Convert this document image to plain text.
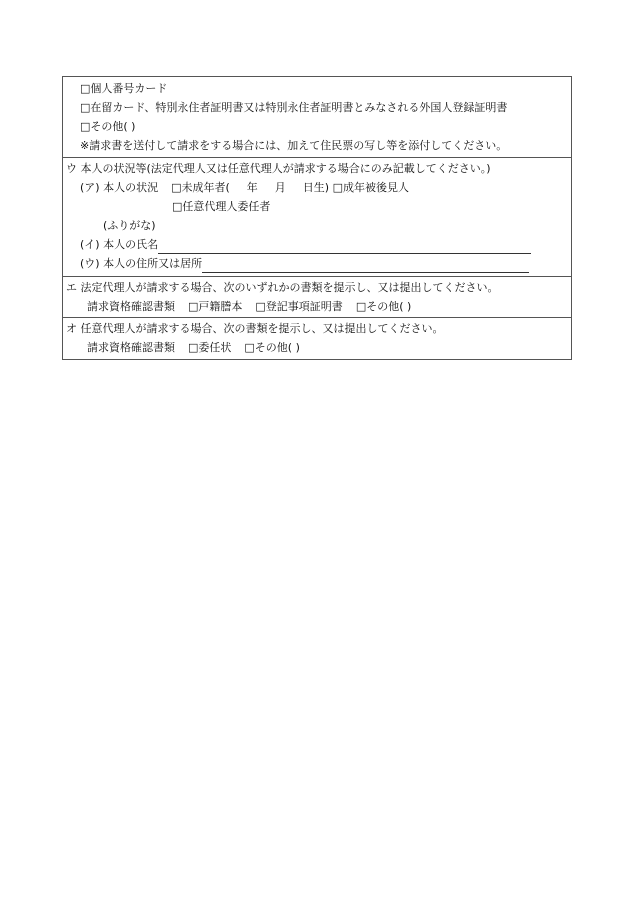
□個人番号カード
□在留カード、特別永住者証明書又は特別永住者証明書とみなされる外国人登録証明書
□その他( )
※請求書を送付して請求をする場合には、加えて住民票の写し等を添付してください。
ウ 本人の状況等(法定代理人又は任意代理人が請求する場合にのみ記載してください。)
(ア) 本人の状況 □未成年者( 年 月 日生) □成年被後見人
□任意代理人委任者
(ふりがな)
(イ) 本人の氏名
(ウ) 本人の住所又は居所
エ 法定代理人が請求する場合、次のいずれかの書類を提示し、又は提出してください。
請求資格確認書類 □戸籍謄本 □登記事項証明書 □その他( )
オ 任意代理人が請求する場合、次の書類を提示し、又は提出してください。
請求資格確認書類 □委任状 □その他( )
